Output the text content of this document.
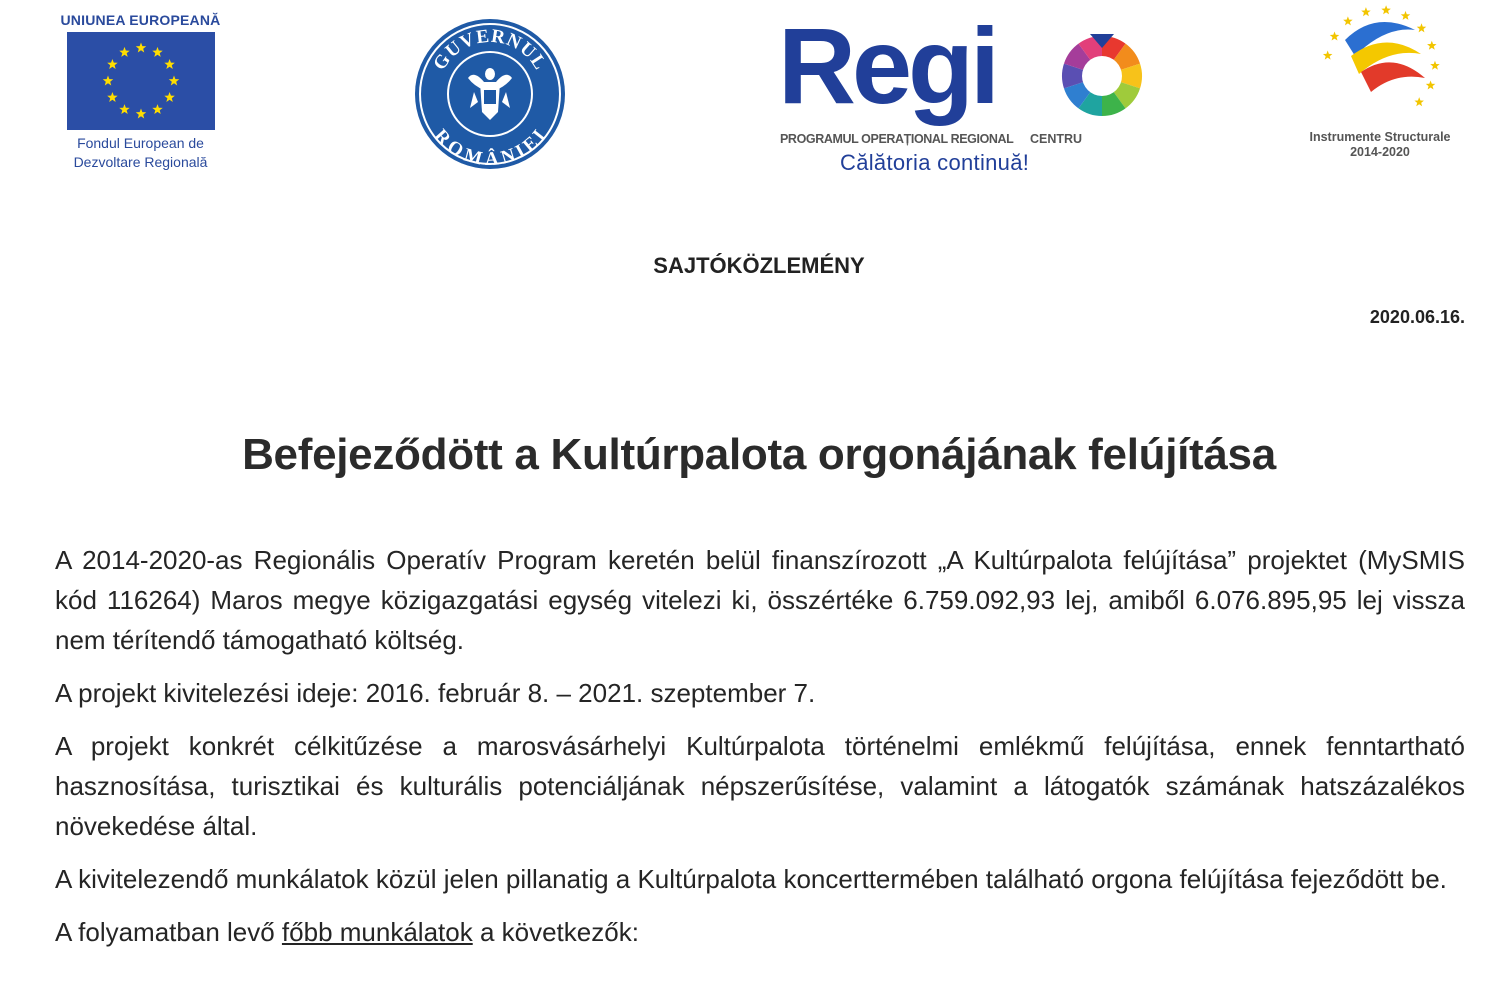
UNIUNEA EUROPEANĂ
Fondul European de
Dezvoltare Regională
GUVERNUL
ROMÂNIEI
Regi
PROGRAMUL OPERAȚIONAL REGIONAL CENTRU
Călătoria continuă!
Instrumente Structurale
2014-2020
SAJTÓKÖZLEMÉNY
2020.06.16.
Befejeződött a Kultúrpalota orgonájának felújítása

A 2014-2020-as Regionális Operatív Program keretén belül finanszírozott „A Kultúrpalota felújítása” projektet (MySMIS kód 116264) Maros megye közigazgatási egység vitelezi ki, összértéke 6.759.092,93 lej, amiből 6.076.895,95 lej vissza nem térítendő támogatható költség.

A projekt kivitelezési ideje: 2016. február 8. – 2021. szeptember 7.

A projekt konkrét célkitűzése a marosvásárhelyi Kultúrpalota történelmi emlékmű felújítása, ennek fenntartható hasznosítása, turisztikai és kulturális potenciáljának népszerűsítése, valamint a látogatók számának hatszázalékos növekedése által.

A kivitelezendő munkálatok közül jelen pillanatig a Kultúrpalota koncerttermében található orgona felújítása fejeződött be.

A folyamatban levő főbb munkálatok a következők:
